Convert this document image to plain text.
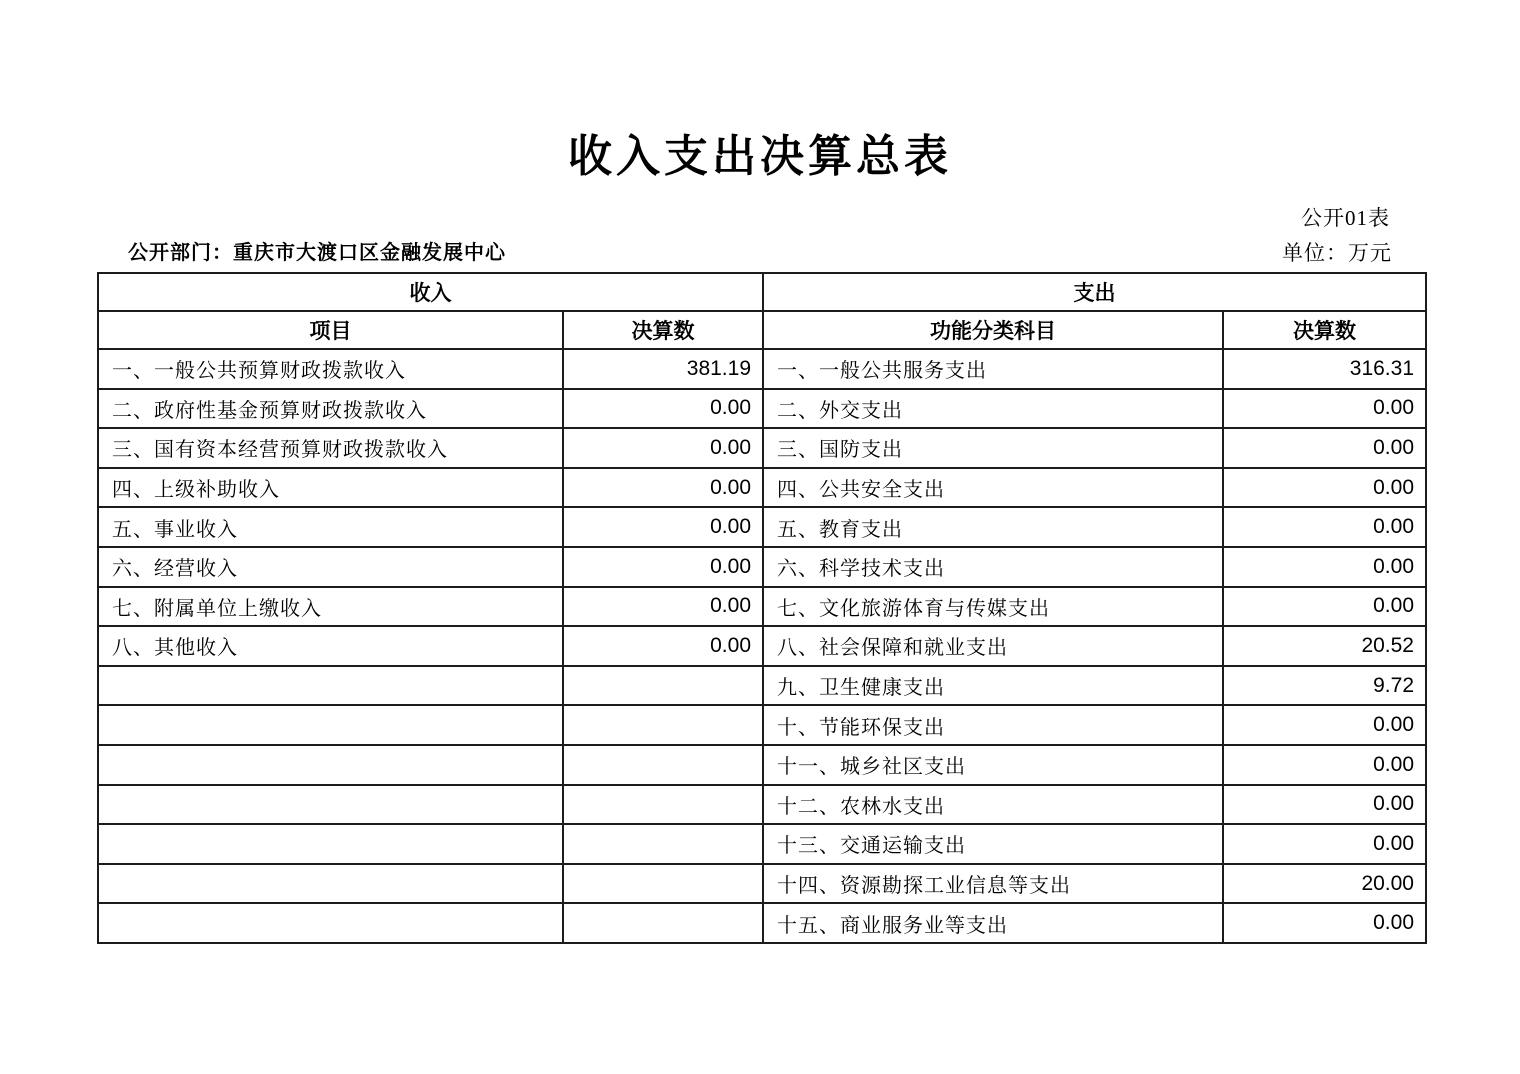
收入支出决算总表
公开01表
公开部门：重庆市大渡口区金融发展中心	单位：万元
收入		支出	
项目	决算数	功能分类科目	决算数
一、一般公共预算财政拨款收入	381.19	一、一般公共服务支出	316.31
二、政府性基金预算财政拨款收入	0.00	二、外交支出	0.00
三、国有资本经营预算财政拨款收入	0.00	三、国防支出	0.00
四、上级补助收入	0.00	四、公共安全支出	0.00
五、事业收入	0.00	五、教育支出	0.00
六、经营收入	0.00	六、科学技术支出	0.00
七、附属单位上缴收入	0.00	七、文化旅游体育与传媒支出	0.00
八、其他收入	0.00	八、社会保障和就业支出	20.52
		九、卫生健康支出	9.72
		十、节能环保支出	0.00
		十一、城乡社区支出	0.00
		十二、农林水支出	0.00
		十三、交通运输支出	0.00
		十四、资源勘探工业信息等支出	20.00
		十五、商业服务业等支出	0.00
